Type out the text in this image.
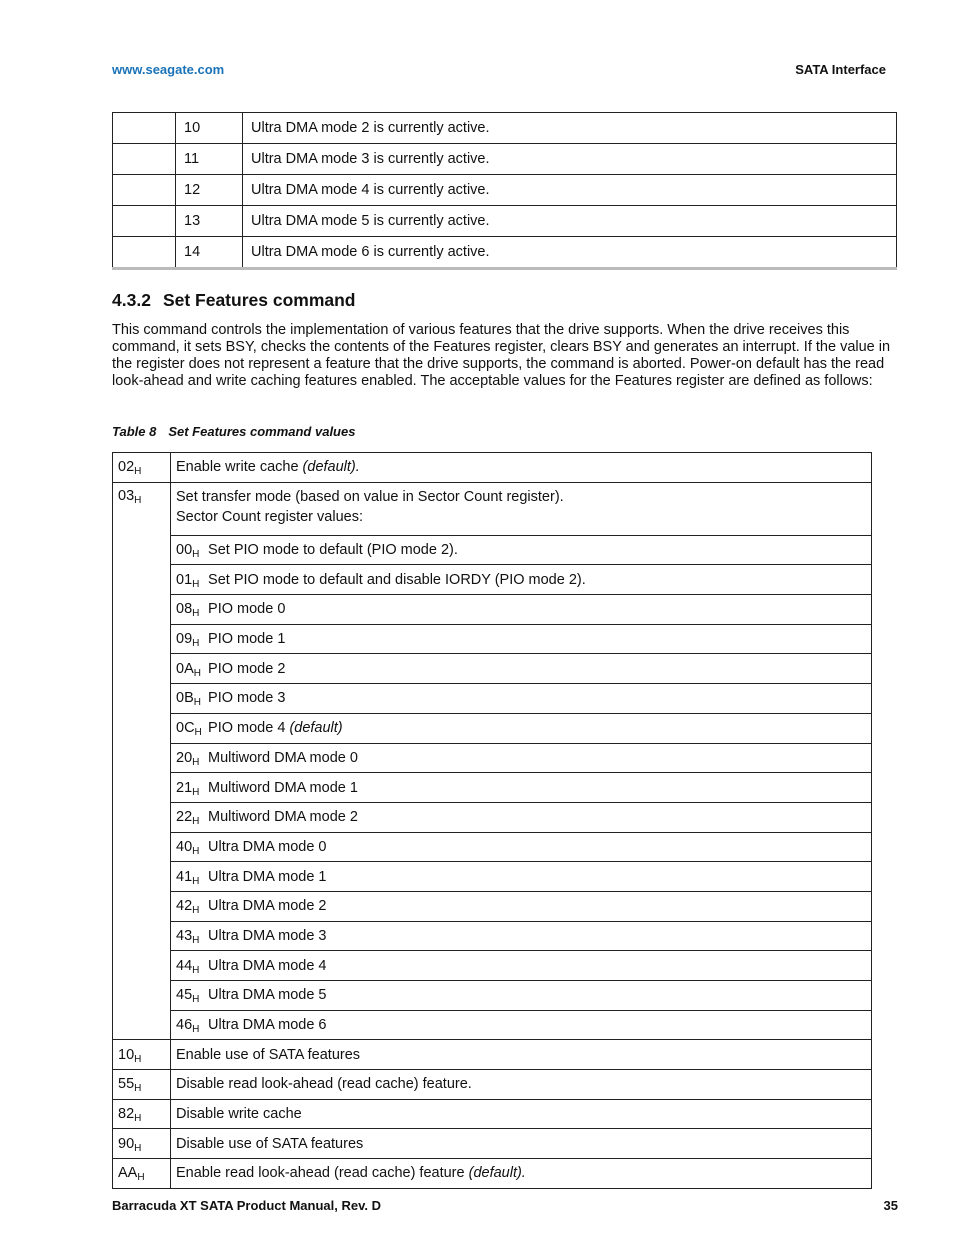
www.seagate.com	SATA Interface
	10	Ultra DMA mode 2 is currently active.
	11	Ultra DMA mode 3 is currently active.
	12	Ultra DMA mode 4 is currently active.
	13	Ultra DMA mode 5 is currently active.
	14	Ultra DMA mode 6 is currently active.
4.3.2 Set Features command

This command controls the implementation of various features that the drive supports. When the drive receives this command, it sets BSY, checks the contents of the Features register, clears BSY and generates an interrupt. If the value in the register does not represent a feature that the drive supports, the command is aborted. Power-on default has the read look-ahead and write caching features enabled. The acceptable values for the Features register are defined as follows:

Table 8 Set Features command values
$02_H$	Enable write cache (default).
$03_H$	Set transfer mode (based on value in Sector Count register).
Sector Count register values:
	$00_H$ Set PIO mode to default (PIO mode 2).
	$01_H$ Set PIO mode to default and disable IORDY (PIO mode 2).
	$08_H$ PIO mode 0
	$09_H$ PIO mode 1
	$0A_H$ PIO mode 2
	$0B_H$ PIO mode 3
	$0C_H$ PIO mode 4 (default)
	$20_H$ Multiword DMA mode 0
	$21_H$ Multiword DMA mode 1
	$22_H$ Multiword DMA mode 2
	$40_H$ Ultra DMA mode 0
	$41_H$ Ultra DMA mode 1
	$42_H$ Ultra DMA mode 2
	$43_H$ Ultra DMA mode 3
	$44_H$ Ultra DMA mode 4
	$45_H$ Ultra DMA mode 5
	$46_H$ Ultra DMA mode 6
$10_H$	Enable use of SATA features
$55_H$	Disable read look-ahead (read cache) feature.
$82_H$	Disable write cache
$90_H$	Disable use of SATA features
$AA_H$	Enable read look-ahead (read cache) feature (default).
Barracuda XT SATA Product Manual, Rev. D	35
